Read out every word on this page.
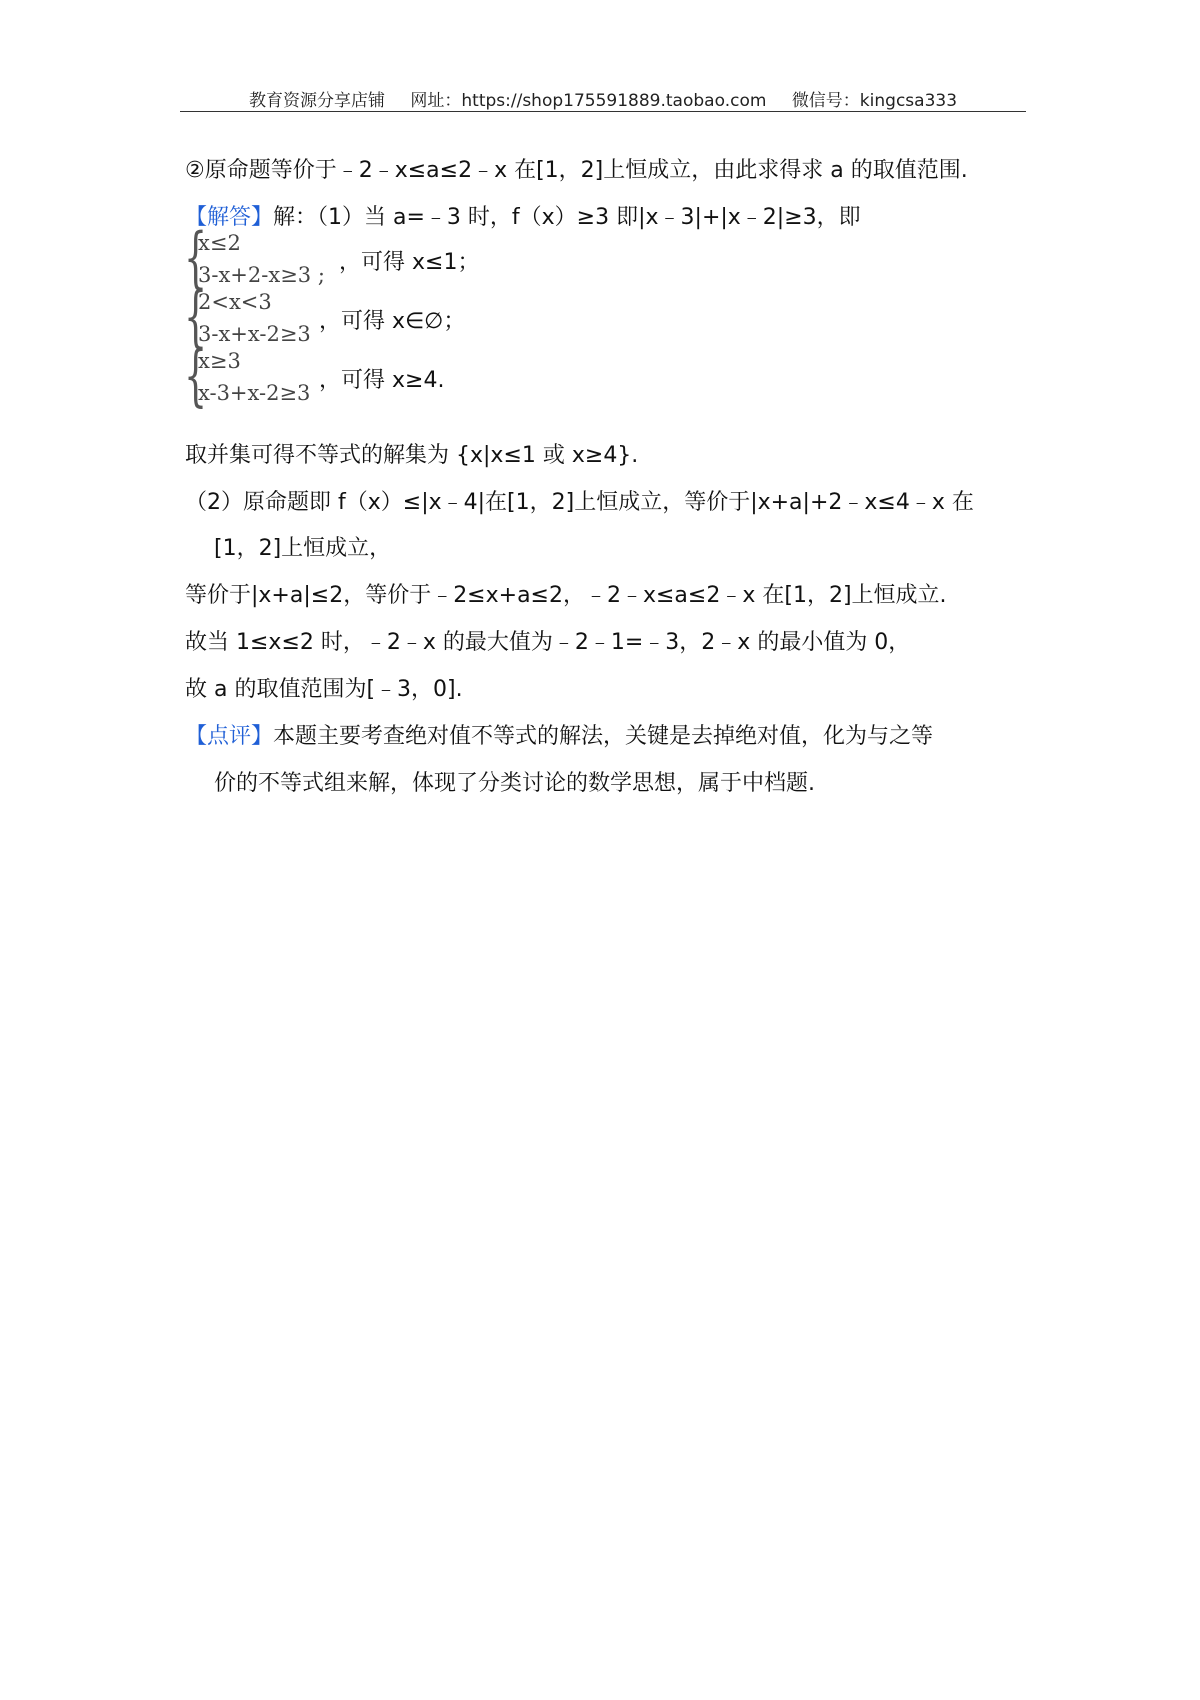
教育资源分享店铺 网址：https://shop175591889.taobao.com 微信号：kingcsa333
②原命题等价于﹣2﹣x≤a≤2﹣x 在[1，2]上恒成立，由此求得求 a 的取值范围.
【解答】解：（1）当 a=﹣3 时，f（x）≥3 即|x﹣3|+|x﹣2|≥3，即
{
x≤2
3-x+2-x≥3 ; ，可得 x≤1；
{
2<x<3
3-x+x-2≥3 ，可得 x∈∅；
{
x≥3
x-3+x-2≥3 ，可得 x≥4.
取并集可得不等式的解集为 {x|x≤1 或 x≥4}.
（2）原命题即 f（x）≤|x﹣4|在[1，2]上恒成立，等价于|x+a|+2﹣x≤4﹣x 在
[1，2]上恒成立，
等价于|x+a|≤2，等价于﹣2≤x+a≤2，﹣2﹣x≤a≤2﹣x 在[1，2]上恒成立.
故当 1≤x≤2 时，﹣2﹣x 的最大值为﹣2﹣1=﹣3，2﹣x 的最小值为 0，
故 a 的取值范围为[﹣3，0].
【点评】本题主要考查绝对值不等式的解法，关键是去掉绝对值，化为与之等
价的不等式组来解，体现了分类讨论的数学思想，属于中档题.
